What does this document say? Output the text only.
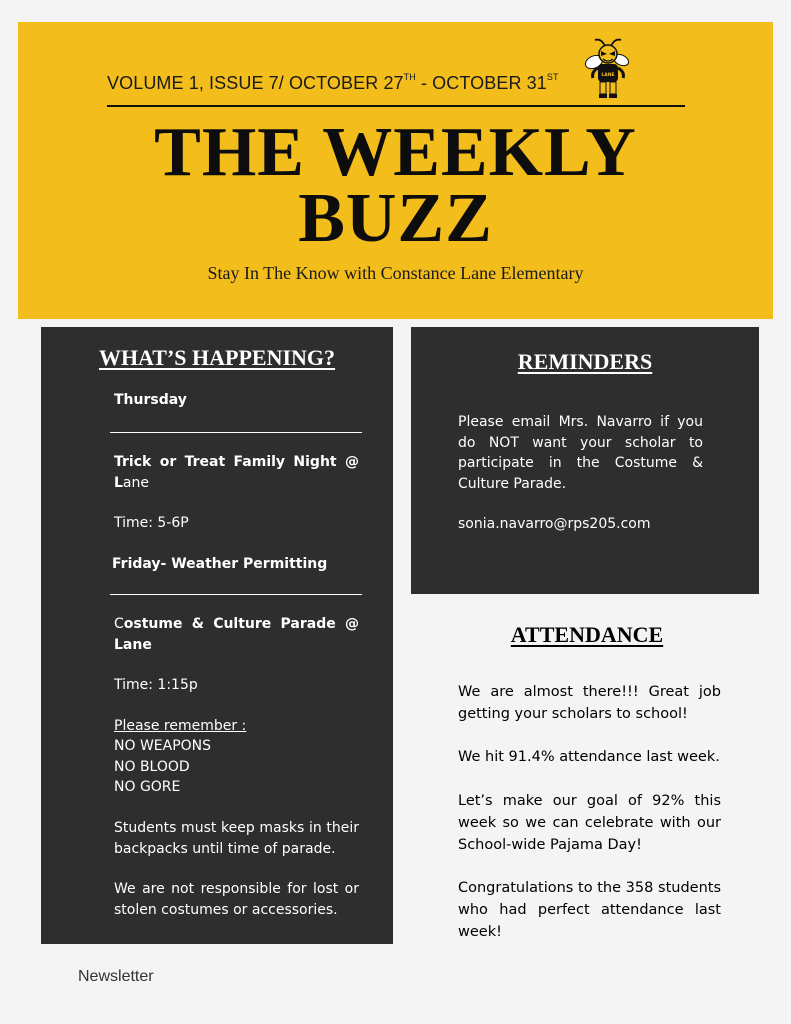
VOLUME 1, ISSUE 7/ OCTOBER 27TH - OCTOBER 31ST	LANE
THE WEEKLY
BUZZ
Stay In The Know with Constance Lane Elementary
WHAT’S HAPPENING?
Thursday
Trick or Treat Family Night @ Lane
Time: 5-6P
Friday- Weather Permitting
Costume & Culture Parade @ Lane
Time: 1:15p
Please remember :
NO WEAPONS
NO BLOOD
NO GORE
Students must keep masks in their backpacks until time of parade.
We are not responsible for lost or stolen costumes or accessories.
REMINDERS
Please email Mrs. Navarro if you do NOT want your scholar to participate in the Costume & Culture Parade.
sonia.navarro@rps205.com
ATTENDANCE
We are almost there!!! Great job getting your scholars to school!
We hit 91.4% attendance last week.
Let’s make our goal of 92% this week so we can celebrate with our School-wide Pajama Day!
Congratulations to the 358 students who had perfect attendance last week!
Newsletter
